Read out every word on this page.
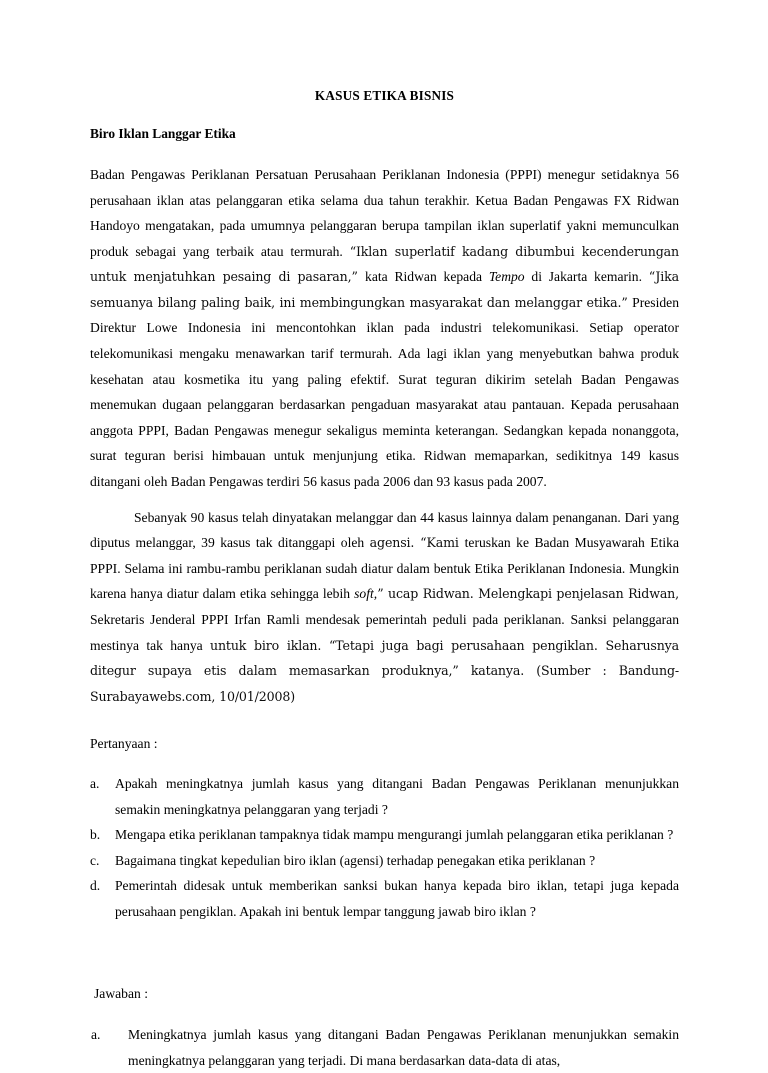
KASUS ETIKA BISNIS
Biro Iklan Langgar Etika

Badan Pengawas Periklanan Persatuan Perusahaan Periklanan Indonesia (PPPI) menegur setidaknya 56 perusahaan iklan atas pelanggaran etika selama dua tahun terakhir. Ketua Badan Pengawas FX Ridwan Handoyo mengatakan, pada umumnya pelanggaran berupa tampilan iklan superlatif yakni memunculkan produk sebagai yang terbaik atau termurah. “Iklan superlatif kadang dibumbui kecenderungan untuk menjatuhkan pesaing di pasaran,” kata Ridwan kepada Tempo di Jakarta kemarin. “Jika semuanya bilang paling baik, ini membingungkan masyarakat dan melanggar etika.” Presiden Direktur Lowe Indonesia ini mencontohkan iklan pada industri telekomunikasi. Setiap operator telekomunikasi mengaku menawarkan tarif termurah. Ada lagi iklan yang menyebutkan bahwa produk kesehatan atau kosmetika itu yang paling efektif. Surat teguran dikirim setelah Badan Pengawas menemukan dugaan pelanggaran berdasarkan pengaduan masyarakat atau pantauan. Kepada perusahaan anggota PPPI, Badan Pengawas menegur sekaligus meminta keterangan. Sedangkan kepada nonanggota, surat teguran berisi himbauan untuk menjunjung etika. Ridwan memaparkan, sedikitnya 149 kasus ditangani oleh Badan Pengawas terdiri 56 kasus pada 2006 dan 93 kasus pada 2007.

Sebanyak 90 kasus telah dinyatakan melanggar dan 44 kasus lainnya dalam penanganan. Dari yang diputus melanggar, 39 kasus tak ditanggapi oleh agensi. “Kami teruskan ke Badan Musyawarah Etika PPPI. Selama ini rambu-rambu periklanan sudah diatur dalam bentuk Etika Periklanan Indonesia. Mungkin karena hanya diatur dalam etika sehingga lebih soft,” ucap Ridwan. Melengkapi penjelasan Ridwan, Sekretaris Jenderal PPPI Irfan Ramli mendesak pemerintah peduli pada periklanan. Sanksi pelanggaran mestinya tak hanya untuk biro iklan. “Tetapi juga bagi perusahaan pengiklan. Seharusnya ditegur supaya etis dalam memasarkan produknya,” katanya. (Sumber : Bandung-Surabayawebs.com, 10/01/2008)

Pertanyaan :

a. Apakah meningkatnya jumlah kasus yang ditangani Badan Pengawas Periklanan menunjukkan semakin meningkatnya pelanggaran yang terjadi ?
b. Mengapa etika periklanan tampaknya tidak mampu mengurangi jumlah pelanggaran etika periklanan ?
c. Bagaimana tingkat kepedulian biro iklan (agensi) terhadap penegakan etika periklanan ?
d. Pemerintah didesak untuk memberikan sanksi bukan hanya kepada biro iklan, tetapi juga kepada perusahaan pengiklan. Apakah ini bentuk lempar tanggung jawab biro iklan ?

Jawaban :

a. Meningkatnya jumlah kasus yang ditangani Badan Pengawas Periklanan menunjukkan semakin meningkatnya pelanggaran yang terjadi. Di mana berdasarkan data-data di atas,
